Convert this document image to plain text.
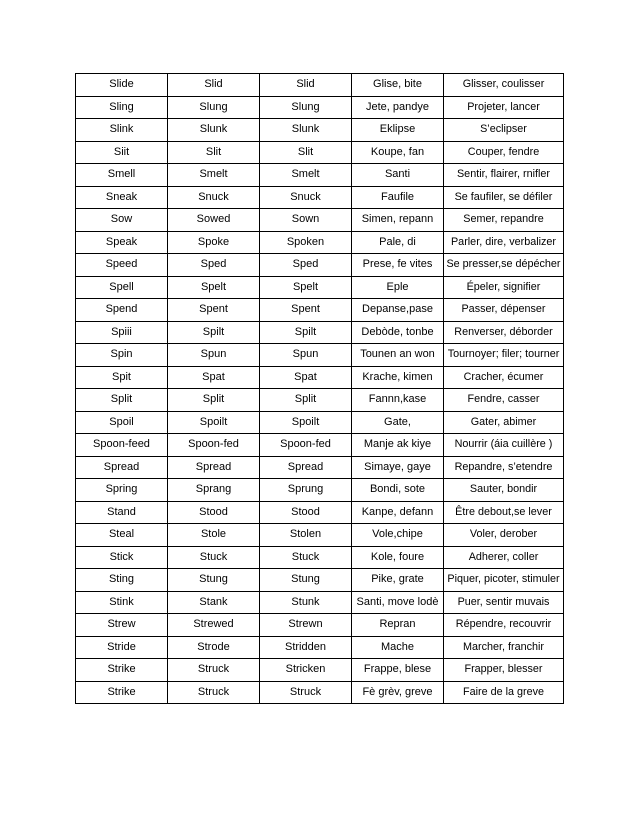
Slide	Slid	Slid	Glise, bite	Glisser, coulisser
Sling	Slung	Slung	Jete, pandye	Projeter, lancer
Slink	Slunk	Slunk	Eklipse	S’eclipser
Siit	Slit	Slit	Koupe, fan	Couper, fendre
Smell	Smelt	Smelt	Santi	Sentir, flairer, rnifler
Sneak	Snuck	Snuck	Faufile	Se faufiler, se défiler
Sow	Sowed	Sown	Simen, repann	Semer, repandre
Speak	Spoke	Spoken	Pale, di	Parler, dire, verbalizer
Speed	Sped	Sped	Prese, fe vites	Se presser,se dépécher
Spell	Spelt	Spelt	Eple	Épeler, signifier
Spend	Spent	Spent	Depanse,pase	Passer, dépenser
Spiii	Spilt	Spilt	Debòde, tonbe	Renverser, déborder
Spin	Spun	Spun	Tounen an won	Tournoyer; filer; tourner
Spit	Spat	Spat	Krache, kimen	Cracher, écumer
Split	Split	Split	Fannn,kase	Fendre, casser
Spoil	Spoilt	Spoilt	Gate,	Gater, abimer
Spoon-feed	Spoon-fed	Spoon-fed	Manje ak kiye	Nourrir (áia cuillère )
Spread	Spread	Spread	Simaye, gaye	Repandre, s’etendre
Spring	Sprang	Sprung	Bondi, sote	Sauter, bondir
Stand	Stood	Stood	Kanpe, defann	Être debout,se lever
Steal	Stole	Stolen	Vole,chipe	Voler, derober
Stick	Stuck	Stuck	Kole, foure	Adherer, coller
Sting	Stung	Stung	Pike, grate	Piquer, picoter, stimuler
Stink	Stank	Stunk	Santi, move lodè	Puer, sentir muvais
Strew	Strewed	Strewn	Repran	Répendre, recouvrir
Stride	Strode	Stridden	Mache	Marcher, franchir
Strike	Struck	Stricken	Frappe, blese	Frapper, blesser
Strike	Struck	Struck	Fè grèv, greve	Faire de la greve
